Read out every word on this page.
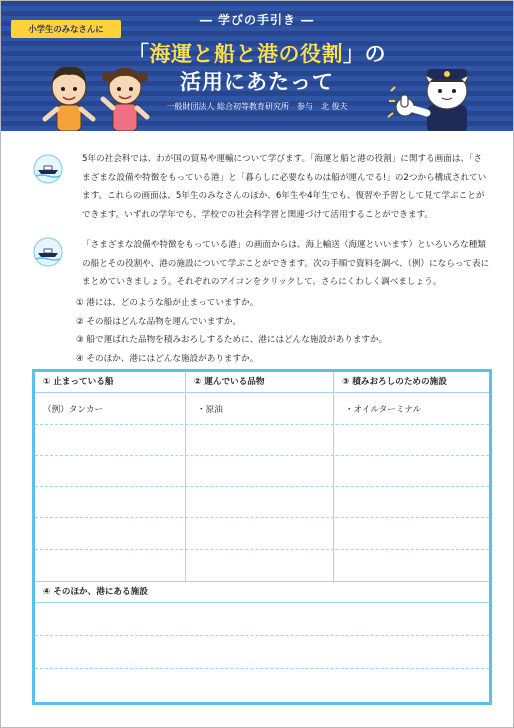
― 学びの手引き ―
小学生のみなさんに
「海運と船と港の役割」の
活用にあたって
一般財団法人 総合初等教育研究所　参与　北 俊夫

5年の社会科では、わが国の貿易や運輸について学びます。「海運と船と港の役割」に関する画面は、「さまざまな設備や特徴をもっている港」と「暮らしに必要なものは船が運んでる!」の2つから構成されています。これらの画面は、5年生のみなさんのほか、6年生や4年生でも、復習や予習として見て学ぶことができます。いずれの学年でも、学校での社会科学習と関連づけて活用することができます。

「さまざまな設備や特徴をもっている港」の画面からは、海上輸送（海運といいます）といろいろな種類の船とその役割や、港の施設について学ぶことができます。次の手順で資料を調べ、（例）にならって表にまとめていきましょう。それぞれのアイコンをクリックして、さらにくわしく調べましょう。

① 港には、どのような船が止まっていますか。
② その船はどんな品物を運んでいますか。
③ 船で運ばれた品物を積みおろしするために、港にはどんな施設がありますか。
④ そのほか、港にはどんな施設がありますか。
① 止まっている船	② 運んでいる品物	③ 積みおろしのための施設
（例）タンカー	・原油	・オイルターミナル
④ そのほか、港にある施設
